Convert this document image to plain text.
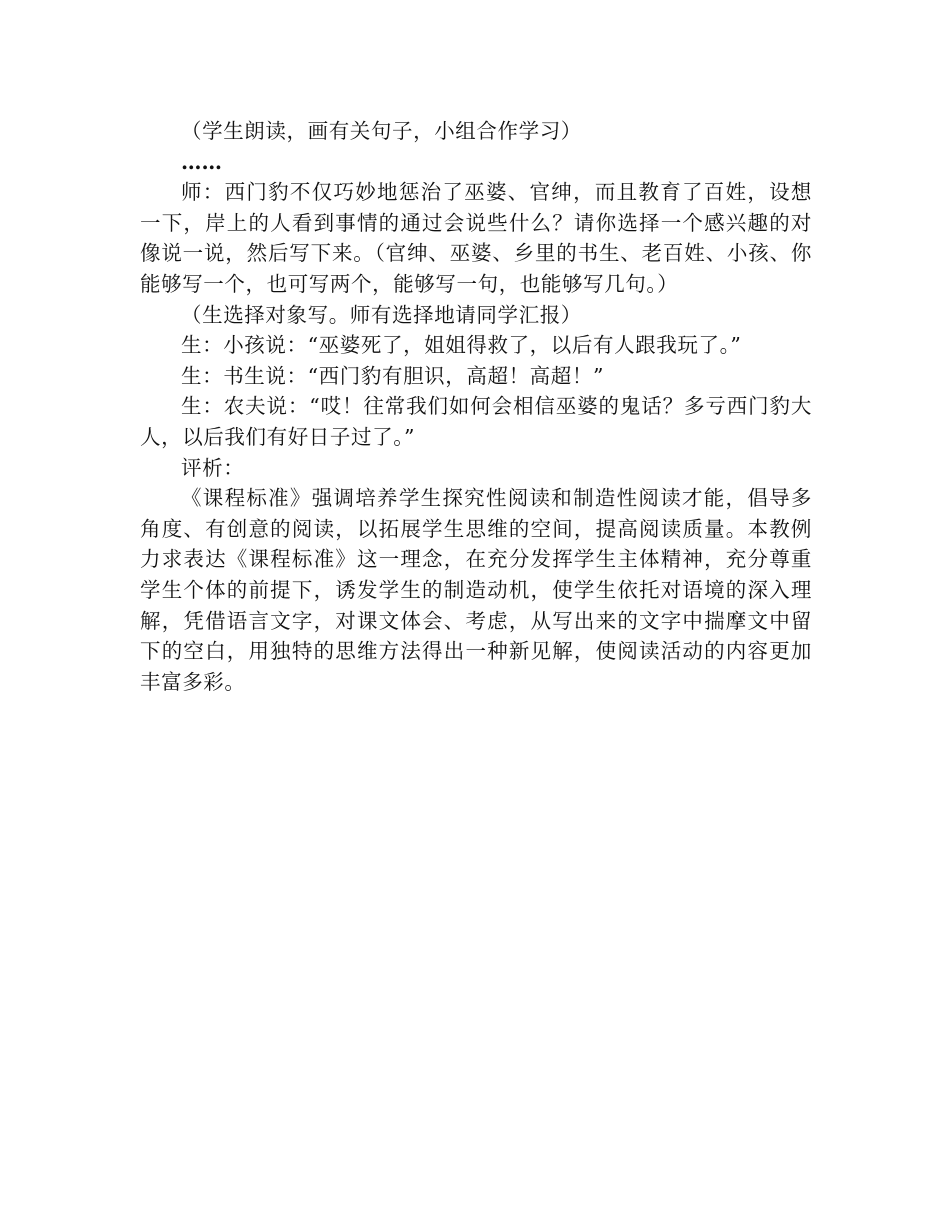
（学生朗读，画有关句子，小组合作学习）

……

师：西门豹不仅巧妙地惩治了巫婆、官绅，而且教育了百姓，设想一下，岸上的人看到事情的通过会说些什么？请你选择一个感兴趣的对像说一说，然后写下来。（官绅、巫婆、乡里的书生、老百姓、小孩、你能够写一个，也可写两个，能够写一句，也能够写几句。）

（生选择对象写。师有选择地请同学汇报）

生：小孩说：“巫婆死了，姐姐得救了，以后有人跟我玩了。”

生：书生说：“西门豹有胆识，高超！高超！”

生：农夫说：“哎！往常我们如何会相信巫婆的鬼话？多亏西门豹大人，以后我们有好日子过了。”

评析：

《课程标准》强调培养学生探究性阅读和制造性阅读才能，倡导多角度、有创意的阅读，以拓展学生思维的空间，提高阅读质量。本教例力求表达《课程标准》这一理念，在充分发挥学生主体精神，充分尊重学生个体的前提下，诱发学生的制造动机，使学生依托对语境的深入理解，凭借语言文字，对课文体会、考虑，从写出来的文字中揣摩文中留下的空白，用独特的思维方法得出一种新见解，使阅读活动的内容更加丰富多彩。
